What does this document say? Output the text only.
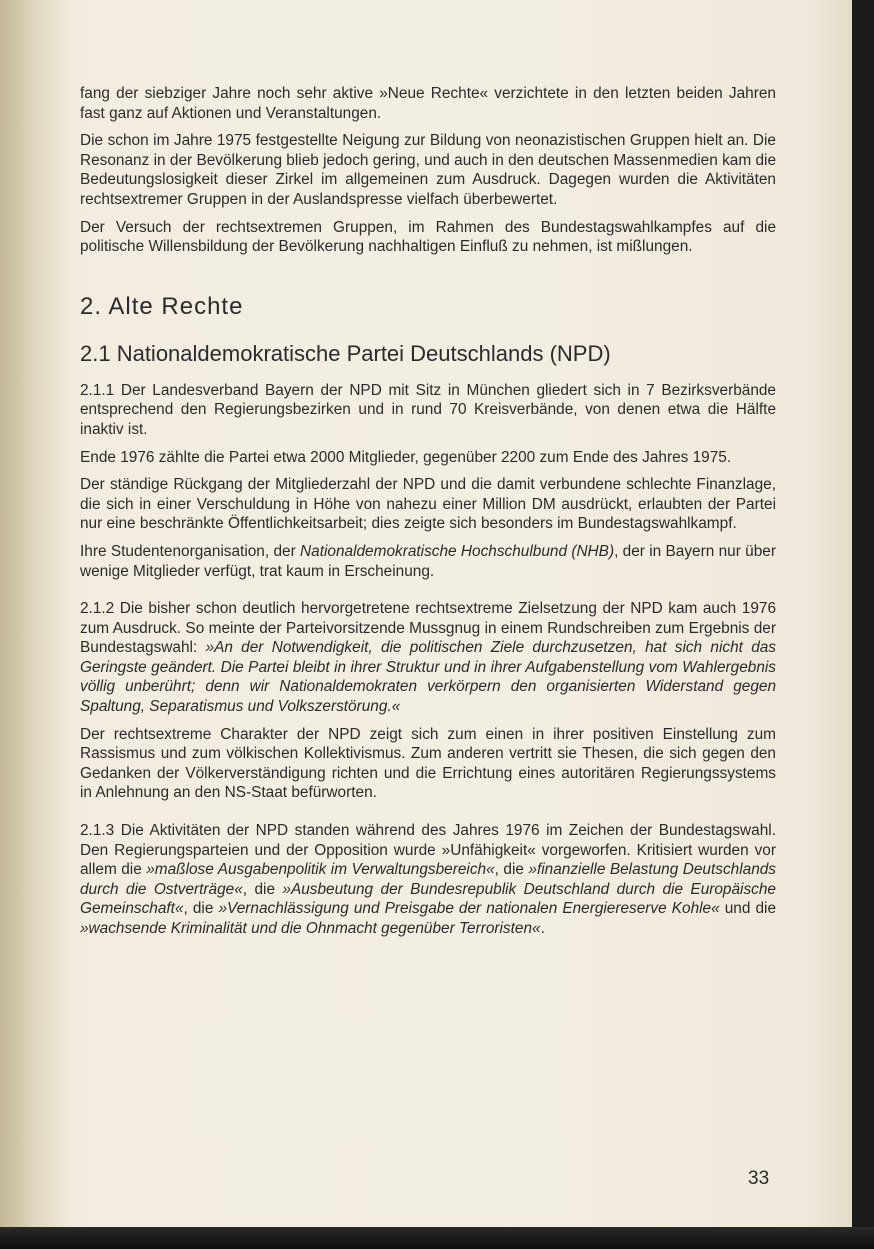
fang der siebziger Jahre noch sehr aktive »Neue Rechte« verzichtete in den letzten beiden Jahren fast ganz auf Aktionen und Veranstaltungen.

Die schon im Jahre 1975 festgestellte Neigung zur Bildung von neonazistischen Gruppen hielt an. Die Resonanz in der Bevölkerung blieb jedoch gering, und auch in den deutschen Massenmedien kam die Bedeutungslosigkeit dieser Zirkel im allgemeinen zum Ausdruck. Dagegen wurden die Aktivitäten rechtsextremer Gruppen in der Auslandspresse vielfach überbewertet.

Der Versuch der rechtsextremen Gruppen, im Rahmen des Bundestagswahlkampfes auf die politische Willensbildung der Bevölkerung nachhaltigen Einfluß zu nehmen, ist mißlungen.

2. Alte Rechte
2.1 Nationaldemokratische Partei Deutschlands (NPD)

2.1.1 Der Landesverband Bayern der NPD mit Sitz in München gliedert sich in 7 Bezirksverbände entsprechend den Regierungsbezirken und in rund 70 Kreisverbände, von denen etwa die Hälfte inaktiv ist.

Ende 1976 zählte die Partei etwa 2000 Mitglieder, gegenüber 2200 zum Ende des Jahres 1975.

Der ständige Rückgang der Mitgliederzahl der NPD und die damit verbundene schlechte Finanzlage, die sich in einer Verschuldung in Höhe von nahezu einer Million DM ausdrückt, erlaubten der Partei nur eine beschränkte Öffentlichkeitsarbeit; dies zeigte sich besonders im Bundestagswahlkampf.

Ihre Studentenorganisation, der Nationaldemokratische Hochschulbund (NHB), der in Bayern nur über wenige Mitglieder verfügt, trat kaum in Erscheinung.

2.1.2 Die bisher schon deutlich hervorgetretene rechtsextreme Zielsetzung der NPD kam auch 1976 zum Ausdruck. So meinte der Parteivorsitzende Mussgnug in einem Rundschreiben zum Ergebnis der Bundestagswahl: »An der Notwendigkeit, die politischen Ziele durchzusetzen, hat sich nicht das Geringste geändert. Die Partei bleibt in ihrer Struktur und in ihrer Aufgabenstellung vom Wahlergebnis völlig unberührt; denn wir Nationaldemokraten verkörpern den organisierten Widerstand gegen Spaltung, Separatismus und Volkszerstörung.«

Der rechtsextreme Charakter der NPD zeigt sich zum einen in ihrer positiven Einstellung zum Rassismus und zum völkischen Kollektivismus. Zum anderen vertritt sie Thesen, die sich gegen den Gedanken der Völkerverständigung richten und die Errichtung eines autoritären Regierungssystems in Anlehnung an den NS-Staat befürworten.

2.1.3 Die Aktivitäten der NPD standen während des Jahres 1976 im Zeichen der Bundestagswahl. Den Regierungsparteien und der Opposition wurde »Unfähigkeit« vorgeworfen. Kritisiert wurden vor allem die »maßlose Ausgabenpolitik im Verwaltungsbereich«, die »finanzielle Belastung Deutschlands durch die Ostverträge«, die »Ausbeutung der Bundesrepublik Deutschland durch die Europäische Gemeinschaft«, die »Vernachlässigung und Preisgabe der nationalen Energiereserve Kohle« und die »wachsende Kriminalität und die Ohnmacht gegenüber Terroristen«.

33
